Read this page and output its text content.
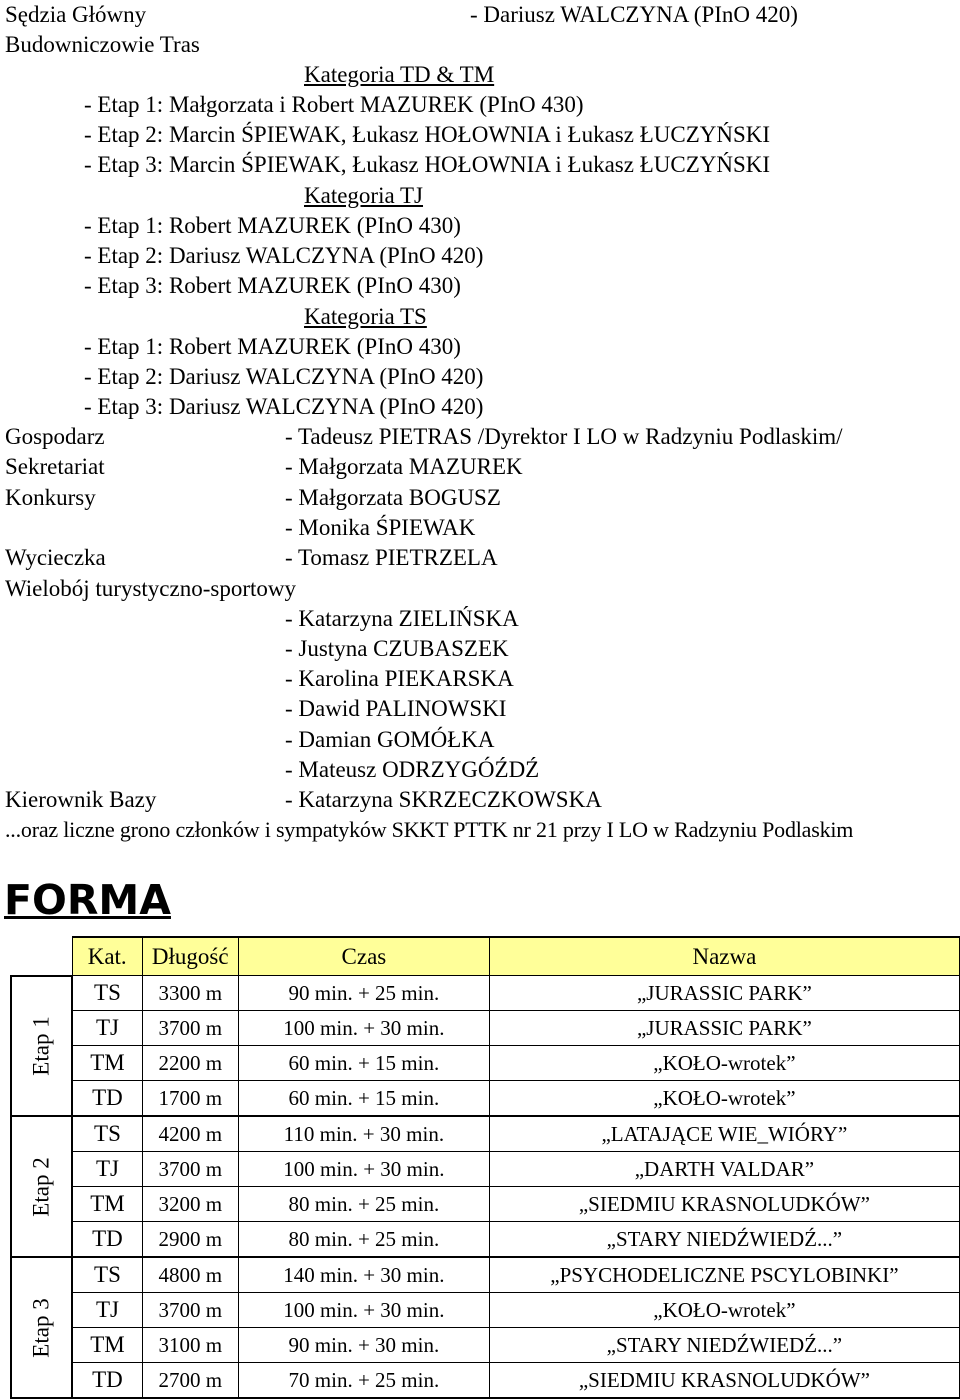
Sędzia Główny	- Dariusz WALCZYNA (PInO 420)
Budowniczowie Tras
Kategoria TD & TM
- Etap 1: Małgorzata i Robert MAZUREK (PInO 430)
- Etap 2: Marcin ŚPIEWAK, Łukasz HOŁOWNIA i Łukasz ŁUCZYŃSKI
- Etap 3: Marcin ŚPIEWAK, Łukasz HOŁOWNIA i Łukasz ŁUCZYŃSKI
Kategoria TJ
- Etap 1: Robert MAZUREK (PInO 430)
- Etap 2: Dariusz WALCZYNA (PInO 420)
- Etap 3: Robert MAZUREK (PInO 430)
Kategoria TS
- Etap 1: Robert MAZUREK (PInO 430)
- Etap 2: Dariusz WALCZYNA (PInO 420)
- Etap 3: Dariusz WALCZYNA (PInO 420)
Gospodarz	- Tadeusz PIETRAS /Dyrektor I LO w Radzyniu Podlaskim/
Sekretariat	- Małgorzata MAZUREK
Konkursy	- Małgorzata BOGUSZ
- Monika ŚPIEWAK
Wycieczka	- Tomasz PIETRZELA
Wielobój turystyczno-sportowy
- Katarzyna ZIELIŃSKA
- Justyna CZUBASZEK
- Karolina PIEKARSKA
- Dawid PALINOWSKI
- Damian GOMÓŁKA
- Mateusz ODRZYGÓŹDŹ
Kierownik Bazy	- Katarzyna SKRZECZKOWSKA
...oraz liczne grono członków i sympatyków SKKT PTTK nr 21 przy I LO w Radzyniu Podlaskim
FORMA
	Kat.	Długość	Czas	Nazwa
Etap 1	TS	3300 m	90 min. + 25 min.	„JURASSIC PARK”
	TJ	3700 m	100 min. + 30 min.	„JURASSIC PARK”
	TM	2200 m	60 min. + 15 min.	„KOŁO-wrotek”
	TD	1700 m	60 min. + 15 min.	„KOŁO-wrotek”
Etap 2	TS	4200 m	110 min. + 30 min.	„LATAJĄCE WIE_WIÓRY”
	TJ	3700 m	100 min. + 30 min.	„DARTH VALDAR”
	TM	3200 m	80 min. + 25 min.	„SIEDMIU KRASNOLUDKÓW”
	TD	2900 m	80 min. + 25 min.	„STARY NIEDŹWIEDŹ...”
Etap 3	TS	4800 m	140 min. + 30 min.	„PSYCHODELICZNE PSCYLOBINKI”
	TJ	3700 m	100 min. + 30 min.	„KOŁO-wrotek”
	TM	3100 m	90 min. + 30 min.	„STARY NIEDŹWIEDŹ...”
	TD	2700 m	70 min. + 25 min.	„SIEDMIU KRASNOLUDKÓW”
